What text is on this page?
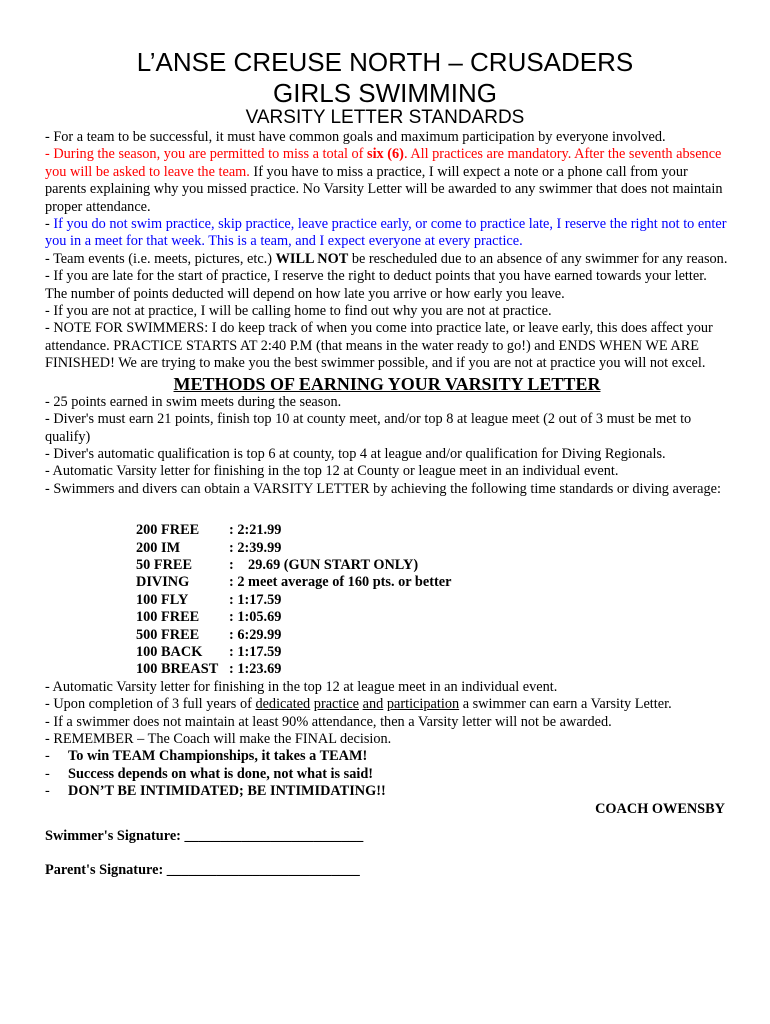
L’ANSE CREUSE NORTH – CRUSADERS
GIRLS SWIMMING
VARSITY LETTER STANDARDS

- For a team to be successful, it must have common goals and maximum participation by everyone involved.

- During the season, you are permitted to miss a total of six (6). All practices are mandatory. After the seventh absence you will be asked to leave the team. If you have to miss a practice, I will expect a note or a phone call from your parents explaining why you missed practice. No Varsity Letter will be awarded to any swimmer that does not maintain proper attendance.

- If you do not swim practice, skip practice, leave practice early, or come to practice late, I reserve the right not to enter you in a meet for that week. This is a team, and I expect everyone at every practice.

- Team events (i.e. meets, pictures, etc.) WILL NOT be rescheduled due to an absence of any swimmer for any reason.

- If you are late for the start of practice, I reserve the right to deduct points that you have earned towards your letter. The number of points deducted will depend on how late you arrive or how early you leave.

- If you are not at practice, I will be calling home to find out why you are not at practice.

- NOTE FOR SWIMMERS: I do keep track of when you come into practice late, or leave early, this does affect your attendance. PRACTICE STARTS AT 2:40 P.M (that means in the water ready to go!) and ENDS WHEN WE ARE FINISHED! We are trying to make you the best swimmer possible, and if you are not at practice you will not excel.

METHODS OF EARNING YOUR VARSITY LETTER

- 25 points earned in swim meets during the season.

- Diver's must earn 21 points, finish top 10 at county meet, and/or top 8 at league meet (2 out of 3 must be met to qualify)

- Diver's automatic qualification is top 6 at county, top 4 at league and/or qualification for Diving Regionals.

- Automatic Varsity letter for finishing in the top 12 at County or league meet in an individual event.

- Swimmers and divers can obtain a VARSITY LETTER by achieving the following time standards or diving average:

200 FREE	: 2:21.99
200 IM	: 2:39.99
50 FREE	:    29.69 (GUN START ONLY)
DIVING	: 2 meet average of 160 pts. or better
100 FLY	: 1:17.59
100 FREE	: 1:05.69
500 FREE	: 6:29.99
100 BACK	: 1:17.59
100 BREAST : 1:23.69

- Automatic Varsity letter for finishing in the top 12 at league meet in an individual event.

- Upon completion of 3 full years of dedicated practice and participation a swimmer can earn a Varsity Letter.

- If a swimmer does not maintain at least 90% attendance, then a Varsity letter will not be awarded.

- REMEMBER – The Coach will make the FINAL decision.

-	To win TEAM Championships, it takes a TEAM!
-	Success depends on what is done, not what is said!
-	DON’T BE INTIMIDATED; BE INTIMIDATING!!
COACH OWENSBY
Swimmer's Signature: _________________________
Parent's Signature: ___________________________
